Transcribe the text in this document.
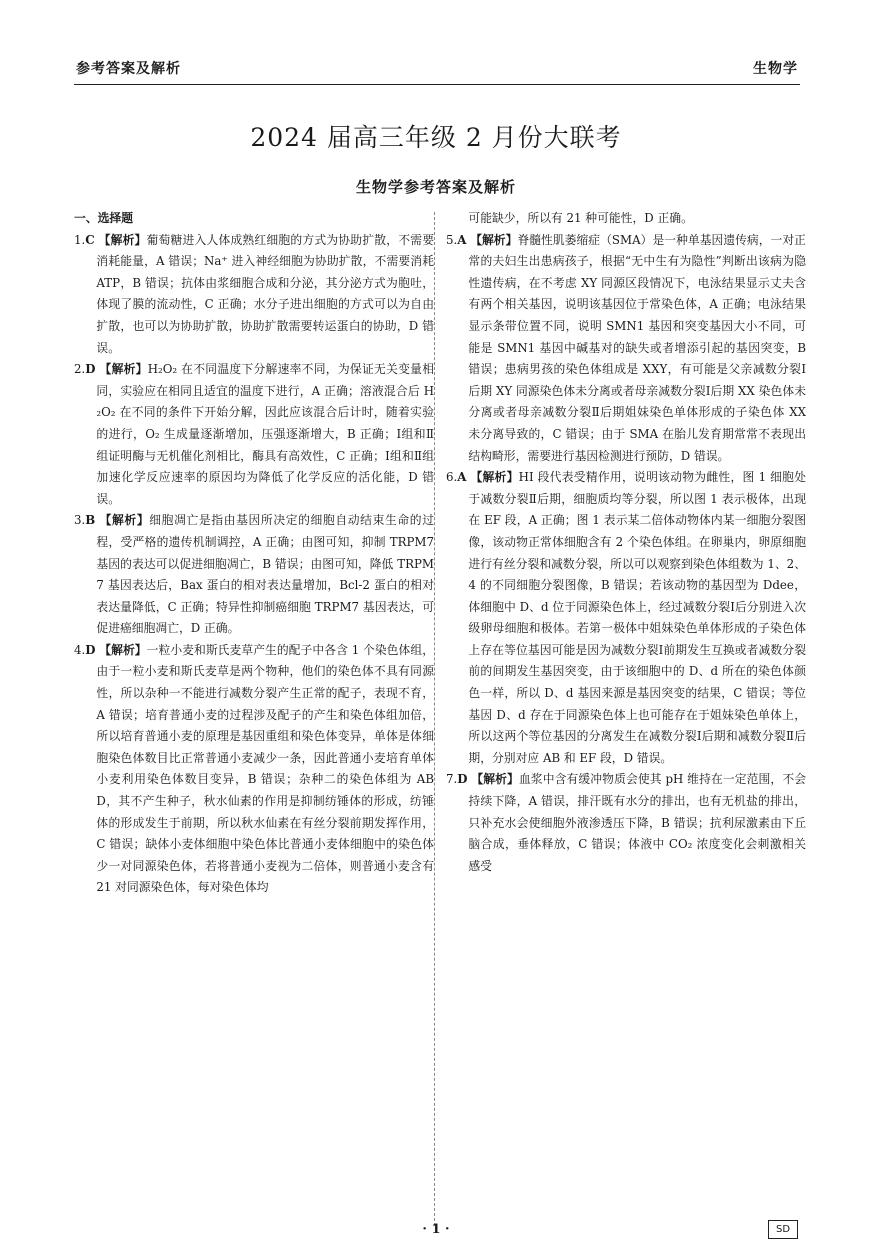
参考答案及解析	生物学
2024 届高三年级 2 月份大联考
生物学参考答案及解析
一、选择题
1.C 【解析】葡萄糖进入人体成熟红细胞的方式为协助扩散，不需要消耗能量，A 错误；Na⁺ 进入神经细胞为协助扩散，不需要消耗 ATP，B 错误；抗体由浆细胞合成和分泌，其分泌方式为胞吐，体现了膜的流动性，C 正确；水分子进出细胞的方式可以为自由扩散，也可以为协助扩散，协助扩散需要转运蛋白的协助，D 错误。
2.D 【解析】H₂O₂ 在不同温度下分解速率不同，为保证无关变量相同，实验应在相同且适宜的温度下进行，A 正确；溶液混合后 H₂O₂ 在不同的条件下开始分解，因此应该混合后计时，随着实验的进行，O₂ 生成量逐渐增加，压强逐渐增大，B 正确；Ⅰ组和Ⅱ组证明酶与无机催化剂相比，酶具有高效性，C 正确；Ⅰ组和Ⅱ组加速化学反应速率的原因均为降低了化学反应的活化能，D 错误。
3.B 【解析】细胞凋亡是指由基因所决定的细胞自动结束生命的过程，受严格的遗传机制调控，A 正确；由图可知，抑制 TRPM7 基因的表达可以促进细胞凋亡，B 错误；由图可知，降低 TRPM7 基因表达后，Bax 蛋白的相对表达量增加，Bcl-2 蛋白的相对表达量降低，C 正确；特异性抑制癌细胞 TRPM7 基因表达，可促进癌细胞凋亡，D 正确。
4.D 【解析】一粒小麦和斯氏麦草产生的配子中各含 1 个染色体组，由于一粒小麦和斯氏麦草是两个物种，他们的染色体不具有同源性，所以杂种一不能进行减数分裂产生正常的配子，表现不育，A 错误；培育普通小麦的过程涉及配子的产生和染色体组加倍，所以培育普通小麦的原理是基因重组和染色体变异，单体是体细胞染色体数目比正常普通小麦减少一条，因此普通小麦培育单体小麦利用染色体数目变异，B 错误；杂种二的染色体组为 ABD，其不产生种子，秋水仙素的作用是抑制纺锤体的形成，纺锤体的形成发生于前期，所以秋水仙素在有丝分裂前期发挥作用，C 错误；缺体小麦体细胞中染色体比普通小麦体细胞中的染色体少一对同源染色体，若将普通小麦视为二倍体，则普通小麦含有 21 对同源染色体，每对染色体均
可能缺少，所以有 21 种可能性，D 正确。
5.A 【解析】脊髓性肌萎缩症（SMA）是一种单基因遗传病，一对正常的夫妇生出患病孩子，根据“无中生有为隐性”判断出该病为隐性遗传病，在不考虑 XY 同源区段情况下，电泳结果显示丈夫含有两个相关基因，说明该基因位于常染色体，A 正确；电泳结果显示条带位置不同，说明 SMN1 基因和突变基因大小不同，可能是 SMN1 基因中碱基对的缺失或者增添引起的基因突变，B 错误；患病男孩的染色体组成是 XXY，有可能是父亲减数分裂Ⅰ后期 XY 同源染色体未分离或者母亲减数分裂Ⅰ后期 XX 染色体未分离或者母亲减数分裂Ⅱ后期姐妹染色单体形成的子染色体 XX 未分离导致的，C 错误；由于 SMA 在胎儿发育期常常不表现出结构畸形，需要进行基因检测进行预防，D 错误。
6.A 【解析】HI 段代表受精作用，说明该动物为雌性，图 1 细胞处于减数分裂Ⅱ后期，细胞质均等分裂，所以图 1 表示极体，出现在 EF 段，A 正确；图 1 表示某二倍体动物体内某一细胞分裂图像，该动物正常体细胞含有 2 个染色体组。在卵巢内，卵原细胞进行有丝分裂和减数分裂，所以可以观察到染色体组数为 1、2、4 的不同细胞分裂图像，B 错误；若该动物的基因型为 Ddee，体细胞中 D、d 位于同源染色体上，经过减数分裂Ⅰ后分别进入次级卵母细胞和极体。若第一极体中姐妹染色单体形成的子染色体上存在等位基因可能是因为减数分裂Ⅰ前期发生互换或者减数分裂前的间期发生基因突变，由于该细胞中的 D、d 所在的染色体颜色一样，所以 D、d 基因来源是基因突变的结果，C 错误；等位基因 D、d 存在于同源染色体上也可能存在于姐妹染色单体上，所以这两个等位基因的分离发生在减数分裂Ⅰ后期和减数分裂Ⅱ后期，分别对应 AB 和 EF 段，D 错误。
7.D 【解析】血浆中含有缓冲物质会使其 pH 维持在一定范围，不会持续下降，A 错误，排汗既有水分的排出，也有无机盐的排出，只补充水会使细胞外液渗透压下降，B 错误；抗利尿激素由下丘脑合成，垂体释放，C 错误；体液中 CO₂ 浓度变化会刺激相关感受
· 1 ·	SD
